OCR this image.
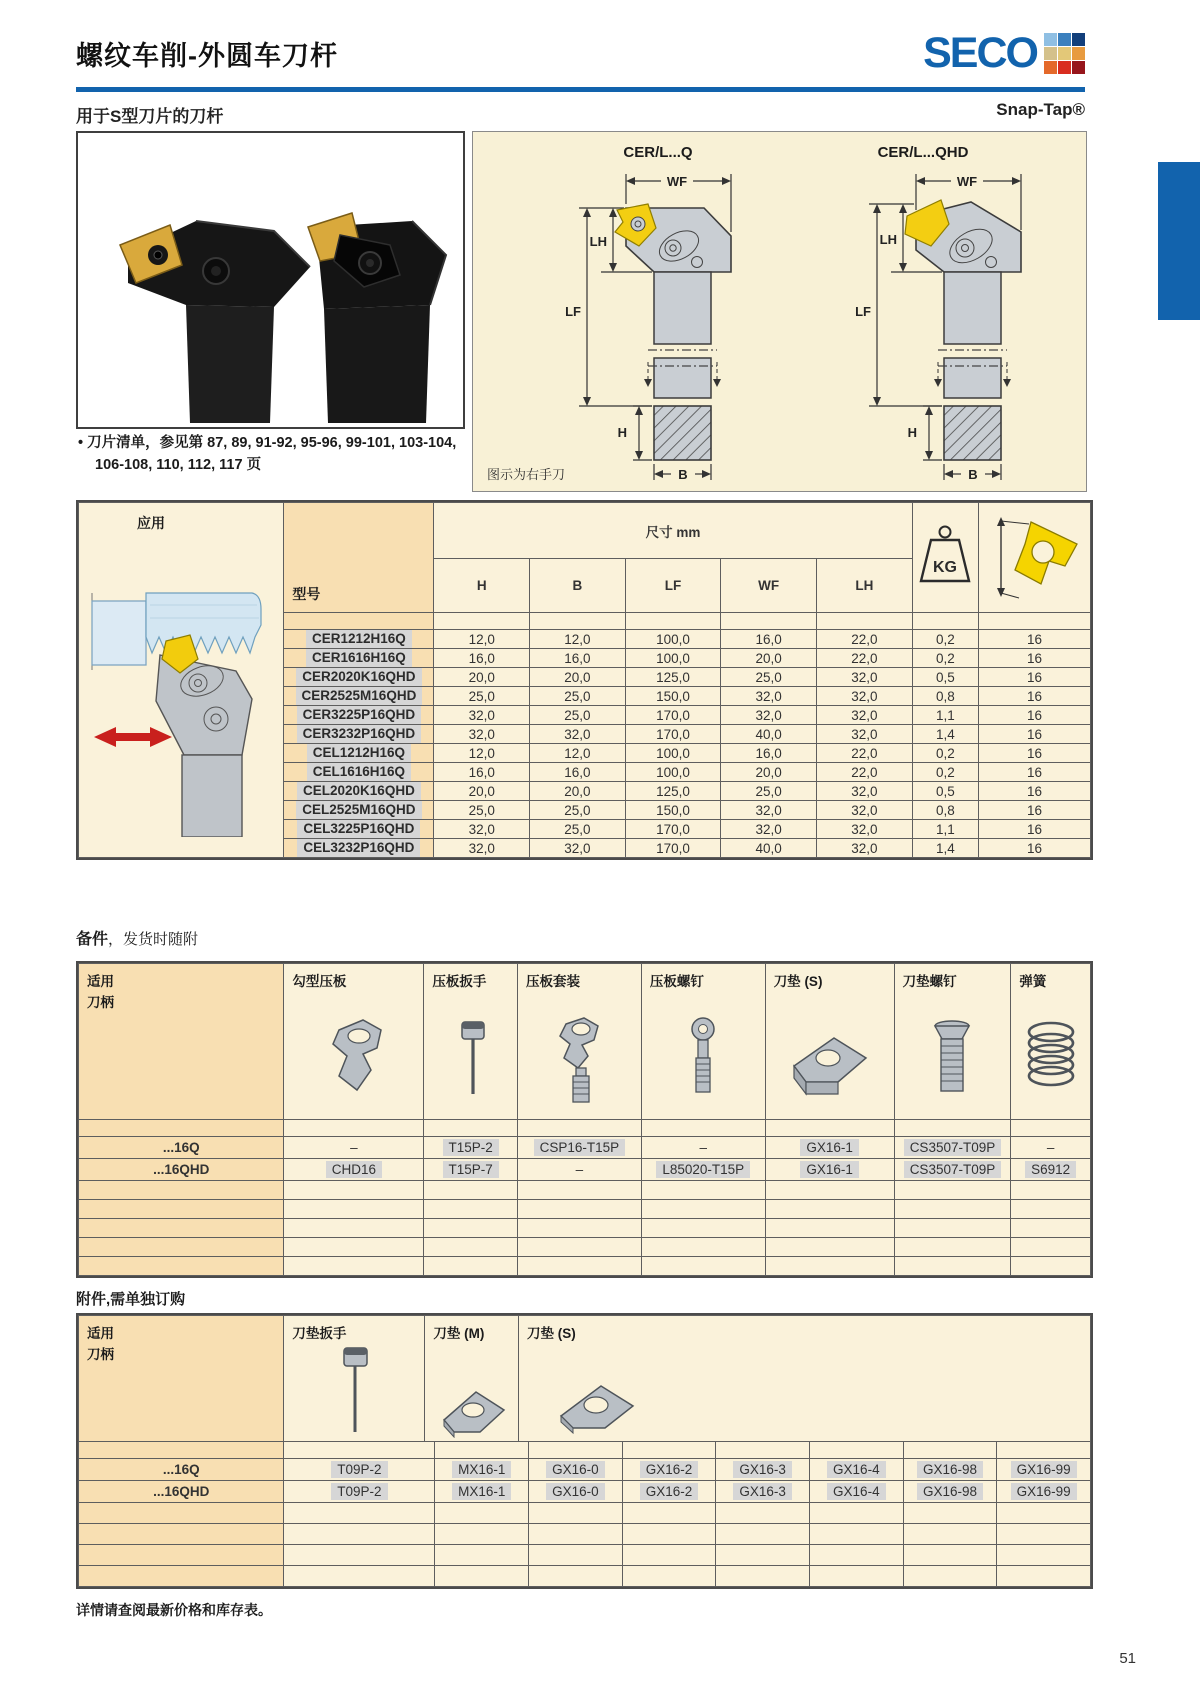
螺纹车削-外圆车刀杆	SECO
用于S型刀片的刀杆	Snap-Tap®
• 刀片清单，参见第 87, 89, 91-92, 95-96, 99-101, 103-104,
106-108, 110, 112, 117 页
CER/L...Q	CER/L...QHD
WF
LH
LF
H
B
WF
LH
LF
H
B
图示为右手刀
应用	型号	尺寸 mm					KG

		H	B	LF	WF	LH		

	CER1212H16Q	12,0	12,0	100,0	16,0	22,0	0,2	16
	CER1616H16Q	16,0	16,0	100,0	20,0	22,0	0,2	16
	CER2020K16QHD	20,0	20,0	125,0	25,0	32,0	0,5	16
	CER2525M16QHD	25,0	25,0	150,0	32,0	32,0	0,8	16
	CER3225P16QHD	32,0	25,0	170,0	32,0	32,0	1,1	16
	CER3232P16QHD	32,0	32,0	170,0	40,0	32,0	1,4	16
	CEL1212H16Q	12,0	12,0	100,0	16,0	22,0	0,2	16
	CEL1616H16Q	16,0	16,0	100,0	20,0	22,0	0,2	16
	CEL2020K16QHD	20,0	20,0	125,0	25,0	32,0	0,5	16
	CEL2525M16QHD	25,0	25,0	150,0	32,0	32,0	0,8	16
	CEL3225P16QHD	32,0	25,0	170,0	32,0	32,0	1,1	16
	CEL3232P16QHD	32,0	32,0	170,0	40,0	32,0	1,4	16
备件，发货时随附
适用
刀柄	勾型压板	压板扳手	压板套装	压板螺钉	刀垫 (S)	刀垫螺钉	弹簧

...16Q	–	T15P-2	CSP16-T15P	–	GX16-1	CS3507-T09P	–
...16QHD	CHD16	T15P-7	–	L85020-T15P	GX16-1	CS3507-T09P	S6912

附件,需单独订购
适用
刀柄

刀垫扳手	刀垫 (M)	刀垫 (S)

...16Q	T09P-2	MX16-1	GX16-0	GX16-2	GX16-3	GX16-4	GX16-98	GX16-99
...16QHD	T09P-2	MX16-1	GX16-0	GX16-2	GX16-3	GX16-4	GX16-98	GX16-99

详情请查阅最新价格和库存表。
51
